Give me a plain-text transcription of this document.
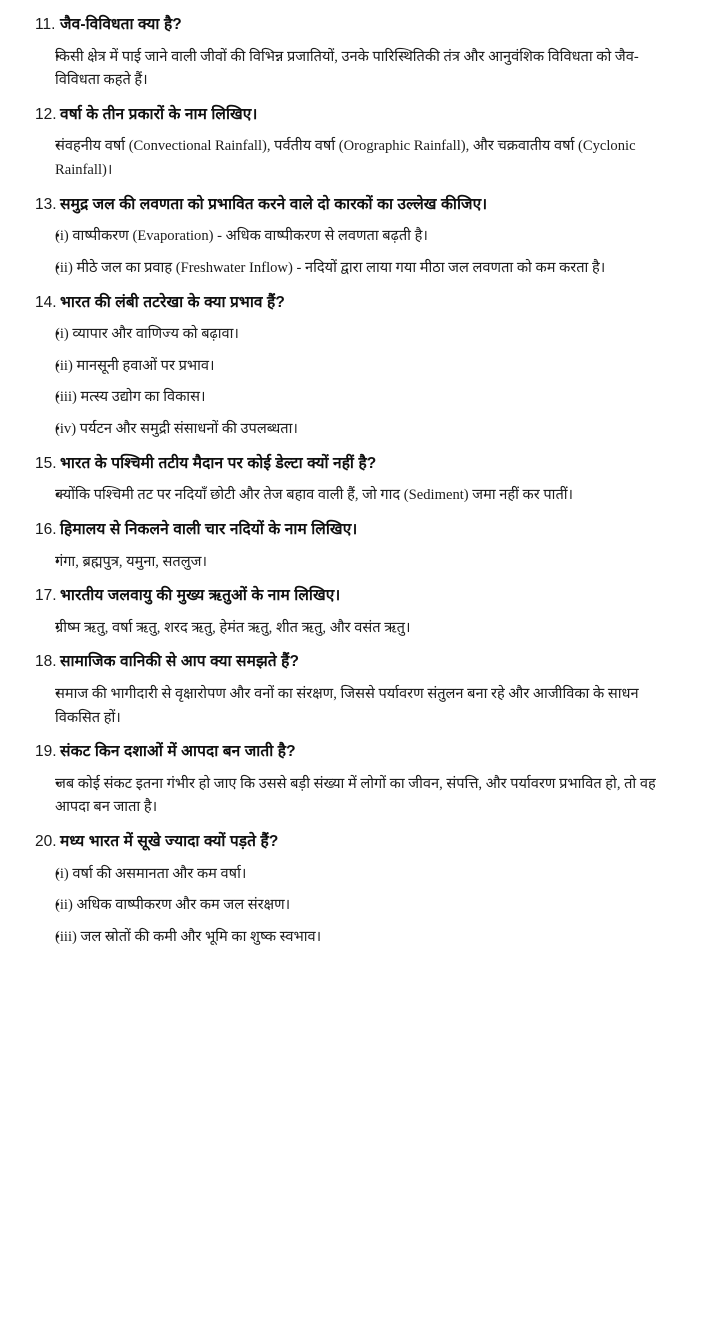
11. जैव-विविधता क्या है?
•
किसी क्षेत्र में पाई जाने वाली जीवों की विभिन्न प्रजातियों, उनके पारिस्थितिकी तंत्र और आनुवंशिक विविधता को जैव-विविधता कहते हैं।
12. वर्षा के तीन प्रकारों के नाम लिखिए।
•
संवहनीय वर्षा (Convectional Rainfall), पर्वतीय वर्षा (Orographic Rainfall), और चक्रवातीय वर्षा (Cyclonic Rainfall)।
13. समुद्र जल की लवणता को प्रभावित करने वाले दो कारकों का उल्लेख कीजिए।
•
(i) वाष्पीकरण (Evaporation) - अधिक वाष्पीकरण से लवणता बढ़ती है।
•
(ii) मीठे जल का प्रवाह (Freshwater Inflow) - नदियों द्वारा लाया गया मीठा जल लवणता को कम करता है।
14. भारत की लंबी तटरेखा के क्या प्रभाव हैं?
•
(i) व्यापार और वाणिज्य को बढ़ावा।
•
(ii) मानसूनी हवाओं पर प्रभाव।
•
(iii) मत्स्य उद्योग का विकास।
•
(iv) पर्यटन और समुद्री संसाधनों की उपलब्धता।
15. भारत के पश्चिमी तटीय मैदान पर कोई डेल्टा क्यों नहीं है?
•
क्योंकि पश्चिमी तट पर नदियाँ छोटी और तेज बहाव वाली हैं, जो गाद (Sediment) जमा नहीं कर पातीं।
16. हिमालय से निकलने वाली चार नदियों के नाम लिखिए।
•
गंगा, ब्रह्मपुत्र, यमुना, सतलुज।
17. भारतीय जलवायु की मुख्य ऋतुओं के नाम लिखिए।
•
ग्रीष्म ऋतु, वर्षा ऋतु, शरद ऋतु, हेमंत ऋतु, शीत ऋतु, और वसंत ऋतु।
18. सामाजिक वानिकी से आप क्या समझते हैं?
•
समाज की भागीदारी से वृक्षारोपण और वनों का संरक्षण, जिससे पर्यावरण संतुलन बना रहे और आजीविका के साधन विकसित हों।
19. संकट किन दशाओं में आपदा बन जाती है?
•
जब कोई संकट इतना गंभीर हो जाए कि उससे बड़ी संख्या में लोगों का जीवन, संपत्ति, और पर्यावरण प्रभावित हो, तो वह आपदा बन जाता है।
20. मध्य भारत में सूखे ज्यादा क्यों पड़ते हैं?
•
(i) वर्षा की असमानता और कम वर्षा।
•
(ii) अधिक वाष्पीकरण और कम जल संरक्षण।
•
(iii) जल स्रोतों की कमी और भूमि का शुष्क स्वभाव।
